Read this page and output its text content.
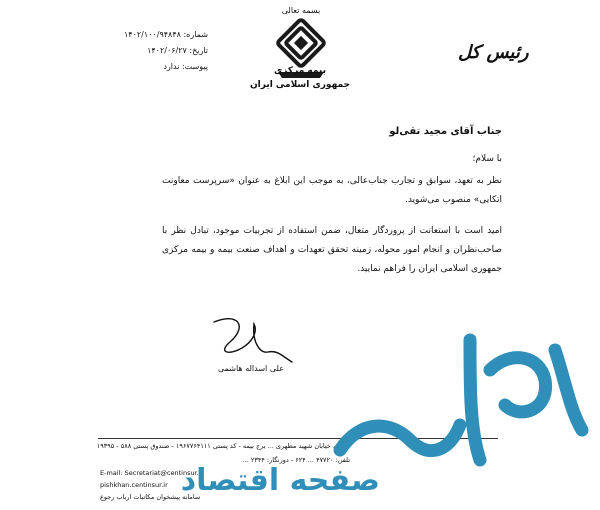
بسمه تعالی
بیمه مرکزی
جمهوری اسلامی ایران
شماره: ۱۴۰۲/۱۰۰/۹۴۸۴۸
تاریخ: ۱۴۰۲/۰۶/۲۷
پیوست: ندارد
رئیس کل
جناب آقای مجید تقی‌لو
با سلام؛
نظر به تعهد، سوابق و تجارب جناب‌عالی، به موجب این ابلاغ به عنوان «سرپرست معاونت اتکایی» منصوب می‌شوید.
امید است با استعانت از پروردگار متعال، ضمن استفاده از تجربیات موجود، تبادل نظر با صاحب‌نظران و انجام امور محوله، زمینه تحقق تعهدات و اهداف صنعت بیمه و بیمه مرکزی جمهوری اسلامی ایران را فراهم نمایید.
علی اسداله هاشمی
تهران، خیابان شهید مطهری ... برج بیمه - کد پستی ۱۹۶۷۷۶۴۱۱۱ - صندوق پستی ۵۸۸ - ۱۹۳۹۵
تلفن: ۴۷۷۲۰ ... ۶۲۴ - دورنگار: ۲۳۴۴ ...
E-mail: Secretariat@centinsur.ir
pishkhan.centinsur.ir
سامانه پیشخوان مکاتبات ارباب رجوع
صفحه اقتصاد
